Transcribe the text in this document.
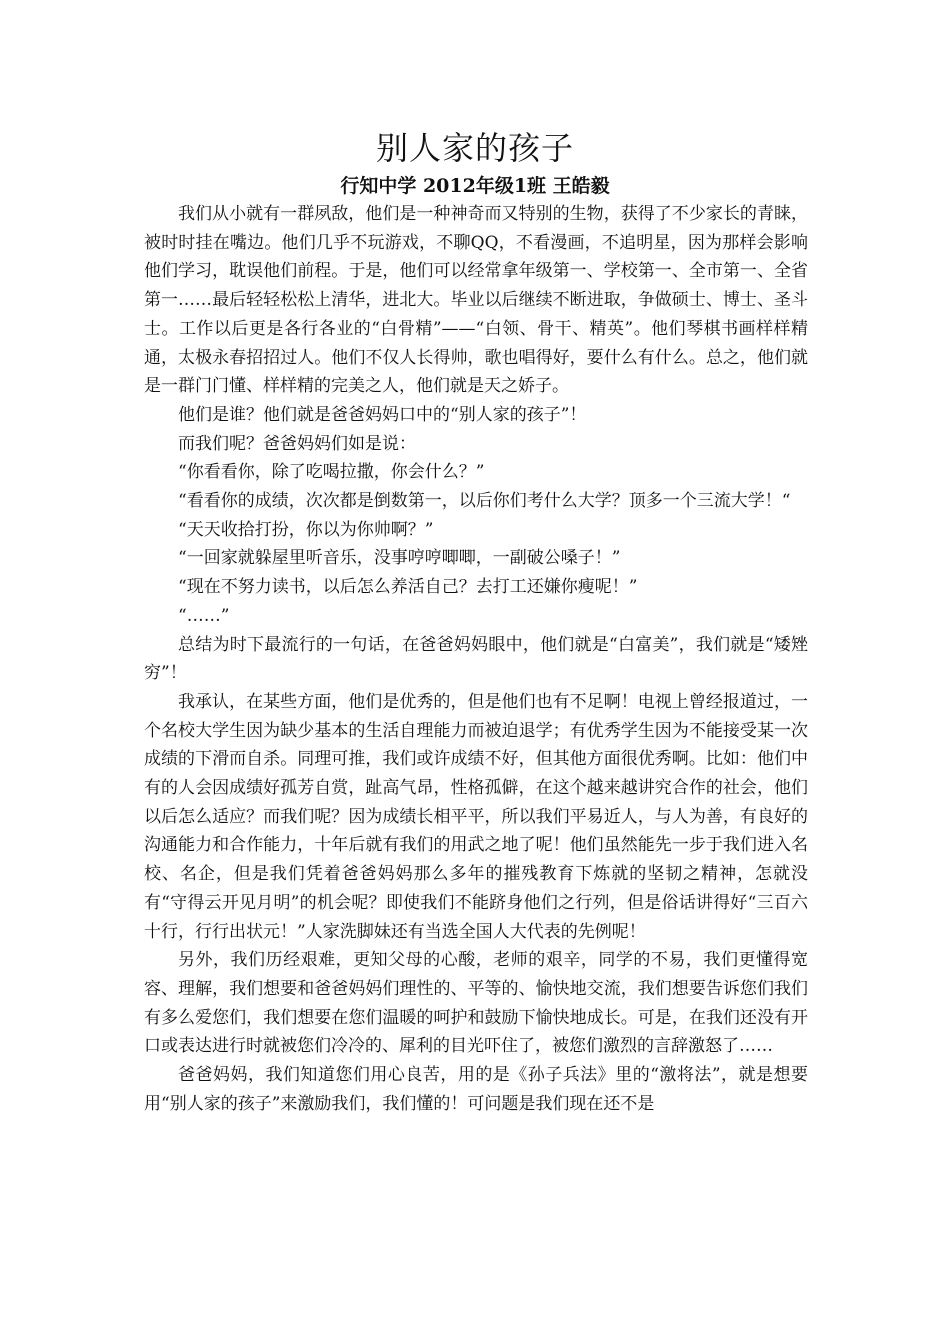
别人家的孩子
行知中学 2012年级1班 王皓毅

我们从小就有一群夙敌，他们是一种神奇而又特别的生物，获得了不少家长的青睐，被时时挂在嘴边。他们几乎不玩游戏，不聊QQ，不看漫画，不追明星，因为那样会影响他们学习，耽误他们前程。于是，他们可以经常拿年级第一、学校第一、全市第一、全省第一……最后轻轻松松上清华，进北大。毕业以后继续不断进取，争做硕士、博士、圣斗士。工作以后更是各行各业的“白骨精”——“白领、骨干、精英”。他们琴棋书画样样精通，太极永春招招过人。他们不仅人长得帅，歌也唱得好，要什么有什么。总之，他们就是一群门门懂、样样精的完美之人，他们就是天之娇子。

他们是谁？他们就是爸爸妈妈口中的“别人家的孩子”！

而我们呢？爸爸妈妈们如是说：

“你看看你，除了吃喝拉撒，你会什么？”

“看看你的成绩，次次都是倒数第一，以后你们考什么大学？顶多一个三流大学！“

“天天收拾打扮，你以为你帅啊？”

“一回家就躲屋里听音乐，没事哼哼唧唧，一副破公嗓子！”

“现在不努力读书，以后怎么养活自己？去打工还嫌你瘦呢！”

“……”

总结为时下最流行的一句话，在爸爸妈妈眼中，他们就是“白富美”，我们就是“矮矬穷”！

我承认，在某些方面，他们是优秀的，但是他们也有不足啊！电视上曾经报道过，一个名校大学生因为缺少基本的生活自理能力而被迫退学；有优秀学生因为不能接受某一次成绩的下滑而自杀。同理可推，我们或许成绩不好，但其他方面很优秀啊。比如：他们中有的人会因成绩好孤芳自赏，趾高气昂，性格孤僻，在这个越来越讲究合作的社会，他们以后怎么适应？而我们呢？因为成绩长相平平，所以我们平易近人，与人为善，有良好的沟通能力和合作能力，十年后就有我们的用武之地了呢！他们虽然能先一步于我们进入名校、名企，但是我们凭着爸爸妈妈那么多年的摧残教育下炼就的坚韧之精神，怎就没有“守得云开见月明”的机会呢？即使我们不能跻身他们之行列，但是俗话讲得好“三百六十行，行行出状元！”人家洗脚妹还有当选全国人大代表的先例呢！

另外，我们历经艰难，更知父母的心酸，老师的艰辛，同学的不易，我们更懂得宽容、理解，我们想要和爸爸妈妈们理性的、平等的、愉快地交流，我们想要告诉您们我们有多么爱您们，我们想要在您们温暖的呵护和鼓励下愉快地成长。可是，在我们还没有开口或表达进行时就被您们冷冷的、犀利的目光吓住了，被您们激烈的言辞激怒了……

爸爸妈妈，我们知道您们用心良苦，用的是《孙子兵法》里的“激将法”，就是想要用“别人家的孩子”来激励我们，我们懂的！可问题是我们现在还不是
